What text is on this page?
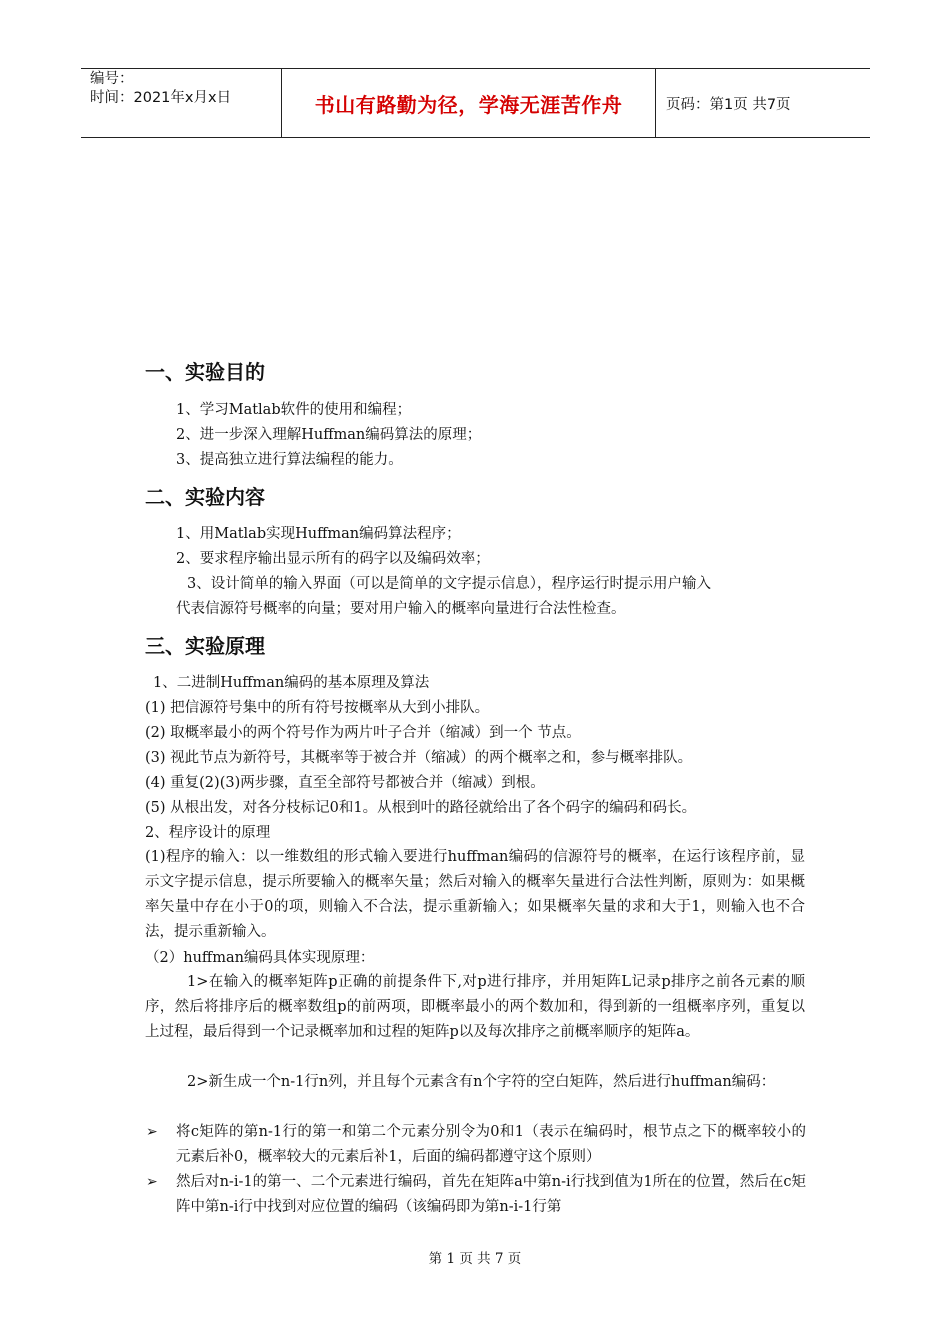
编号：
时间：2021年x月x日	书山有路勤为径，学海无涯苦作舟	页码：第1页 共7页
一、实验目的
1、学习Matlab软件的使用和编程；
2、进一步深入理解Huffman编码算法的原理；
3、提高独立进行算法编程的能力。
二、实验内容
1、用Matlab实现Huffman编码算法程序；
2、要求程序输出显示所有的码字以及编码效率；
3、设计简单的输入界面（可以是简单的文字提示信息），程序运行时提示用户输入
代表信源符号概率的向量；要对用户输入的概率向量进行合法性检查。
三、实验原理
1、二进制Huffman编码的基本原理及算法
(1) 把信源符号集中的所有符号按概率从大到小排队。
(2) 取概率最小的两个符号作为两片叶子合并（缩减）到一个 节点。
(3) 视此节点为新符号，其概率等于被合并（缩减）的两个概率之和，参与概率排队。
(4) 重复(2)(3)两步骤，直至全部符号都被合并（缩减）到根。
(5) 从根出发，对各分枝标记0和1。从根到叶的路径就给出了各个码字的编码和码长。
2、程序设计的原理
(1)程序的输入：以一维数组的形式输入要进行huffman编码的信源符号的概率，在运行该程序前，显示文字提示信息，提示所要输入的概率矢量；然后对输入的概率矢量进行合法性判断，原则为：如果概率矢量中存在小于0的项，则输入不合法，提示重新输入；如果概率矢量的求和大于1，则输入也不合法，提示重新输入。
（2）huffman编码具体实现原理：
1>在输入的概率矩阵p正确的前提条件下,对p进行排序，并用矩阵L记录p排序之前各元素的顺序，然后将排序后的概率数组p的前两项，即概率最小的两个数加和，得到新的一组概率序列，重复以上过程，最后得到一个记录概率加和过程的矩阵p以及每次排序之前概率顺序的矩阵a。
2>新生成一个n-1行n列，并且每个元素含有n个字符的空白矩阵，然后进行huffman编码：
➢ 将c矩阵的第n-1行的第一和第二个元素分别令为0和1（表示在编码时，根节点之下的概率较小的元素后补0，概率较大的元素后补1，后面的编码都遵守这个原则）
➢ 然后对n-i-1的第一、二个元素进行编码，首先在矩阵a中第n-i行找到值为1所在的位置，然后在c矩阵中第n-i行中找到对应位置的编码（该编码即为第n-i-1行第
第 1 页 共 7 页
